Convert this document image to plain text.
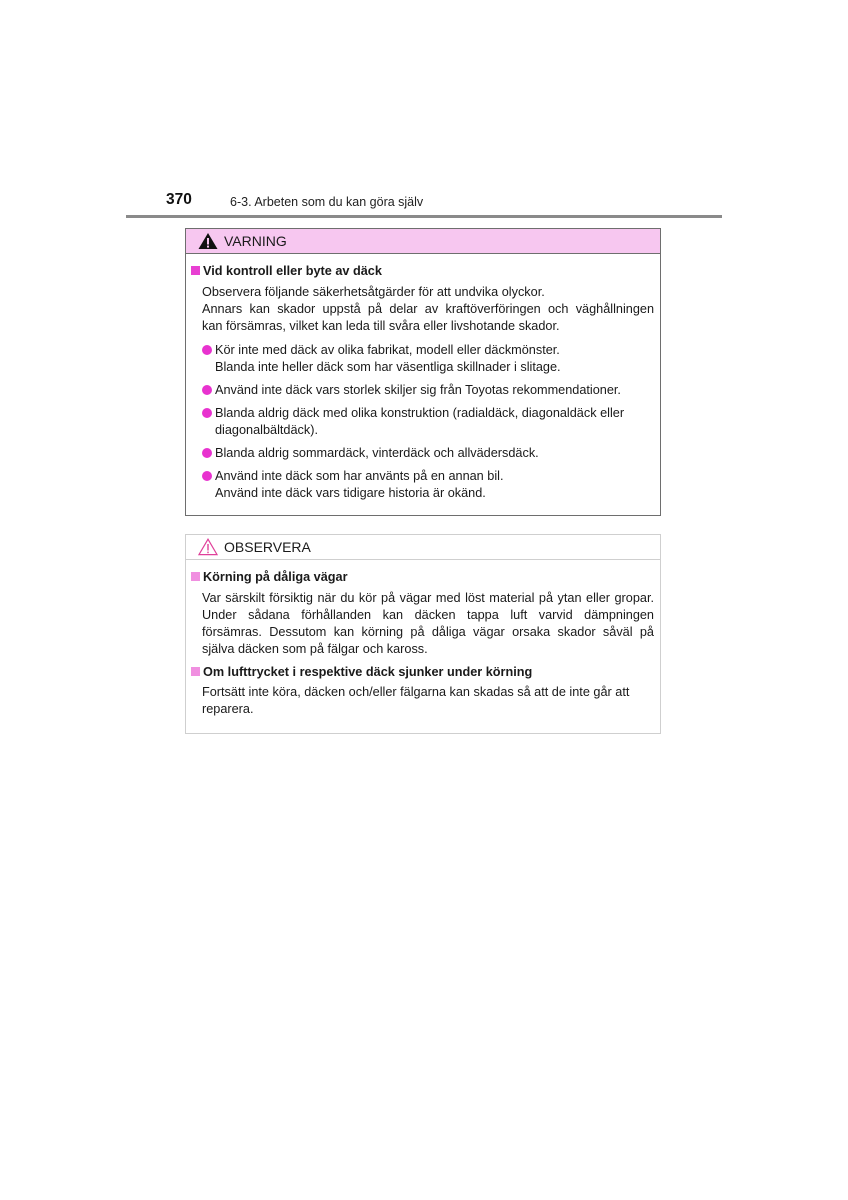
370	6-3. Arbeten som du kan göra själv
VARNING
Vid kontroll eller byte av däck
Observera följande säkerhetsåtgärder för att undvika olyckor.
Annars kan skador uppstå på delar av kraftöverföringen och väghållningen
kan försämras, vilket kan leda till svåra eller livshotande skador.
Kör inte med däck av olika fabrikat, modell eller däckmönster.
Blanda inte heller däck som har väsentliga skillnader i slitage.
Använd inte däck vars storlek skiljer sig från Toyotas rekommendationer.
Blanda aldrig däck med olika konstruktion (radialdäck, diagonaldäck eller
diagonalbältdäck).
Blanda aldrig sommardäck, vinterdäck och allvädersdäck.
Använd inte däck som har använts på en annan bil.
Använd inte däck vars tidigare historia är okänd.
OBSERVERA
Körning på dåliga vägar
Var särskilt försiktig när du kör på vägar med löst material på ytan eller gropar.
Under sådana förhållanden kan däcken tappa luft varvid dämpningen
försämras. Dessutom kan körning på dåliga vägar orsaka skador såväl på
själva däcken som på fälgar och kaross.
Om lufttrycket i respektive däck sjunker under körning
Fortsätt inte köra, däcken och/eller fälgarna kan skadas så att de inte går att
reparera.
